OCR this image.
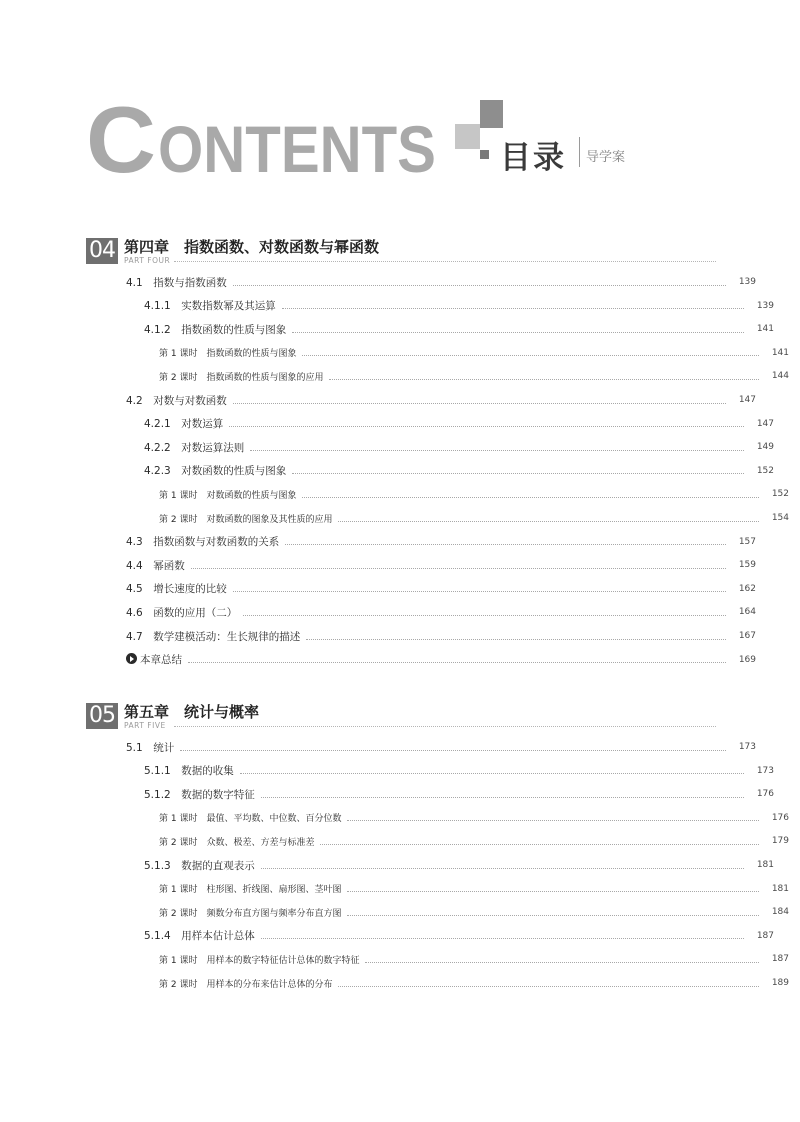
C ONTENTS 目录 导学案
04 第四章　指数函数、对数函数与幂函数
PART FOUR
4.1　指数与指数函数	139
4.1.1　实数指数幂及其运算	139
4.1.2　指数函数的性质与图象	141
第 1 课时　指数函数的性质与图象	141
第 2 课时　指数函数的性质与图象的应用	144
4.2　对数与对数函数	147
4.2.1　对数运算	147
4.2.2　对数运算法则	149
4.2.3　对数函数的性质与图象	152
第 1 课时　对数函数的性质与图象	152
第 2 课时　对数函数的图象及其性质的应用	154
4.3　指数函数与对数函数的关系	157
4.4　幂函数	159
4.5　增长速度的比较	162
4.6　函数的应用（二）	164
4.7　数学建模活动：生长规律的描述	167
本章总结	169
05 第五章　统计与概率
PART FIVE
5.1　统计	173
5.1.1　数据的收集	173
5.1.2　数据的数字特征	176
第 1 课时　最值、平均数、中位数、百分位数	176
第 2 课时　众数、极差、方差与标准差	179
5.1.3　数据的直观表示	181
第 1 课时　柱形图、折线图、扇形图、茎叶图	181
第 2 课时　频数分布直方图与频率分布直方图	184
5.1.4　用样本估计总体	187
第 1 课时　用样本的数字特征估计总体的数字特征	187
第 2 课时　用样本的分布来估计总体的分布	189
